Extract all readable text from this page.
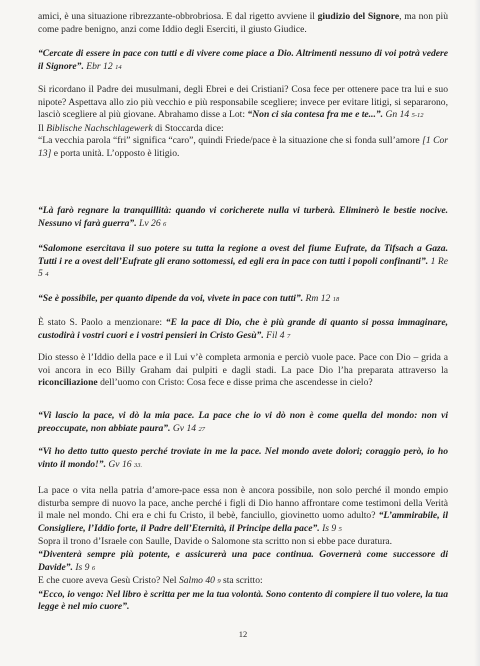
amici, è una situazione ribrezzante-obbrobriosa. E dal rigetto avviene il giudizio del Signore, ma non più come padre benigno, anzi come Iddio degli Eserciti, il giusto Giudice.
“Cercate di essere in pace con tutti e di vivere come piace a Dio. Altrimenti nessuno di voi potrà vedere il Signore”. Ebr 12 14
Si ricordano il Padre dei musulmani, degli Ebrei e dei Cristiani? Cosa fece per ottenere pace tra lui e suo nipote? Aspettava allo zio più vecchio e più responsabile scegliere; invece per evitare litigi, si separarono, lasciò scegliere al più giovane. Abrahamo disse a Lot: “Non ci sia contesa fra me e te...”. Gn 14 5-12
Il Biblische Nachschlagewerk di Stoccarda dice:
“La vecchia parola “fri” significa “caro”, quindi Friede/pace è la situazione che si fonda sull’amore [1 Cor 13] e porta unità. L’opposto è litigio.
“Là farò regnare la tranquillità: quando vi coricherete nulla vi turberà. Eliminerò le bestie nocive. Nessuno vi farà guerra”. Lv 26 6
“Salomone esercitava il suo potere su tutta la regione a ovest del fiume Eufrate, da Tifsach a Gaza. Tutti i re a ovest dell’Eufrate gli erano sottomessi, ed egli era in pace con tutti i popoli confinanti”. 1 Re 5 4
“Se è possibile, per quanto dipende da voi, vivete in pace con tutti”. Rm 12 18
È stato S. Paolo a menzionare: “E la pace di Dio, che è più grande di quanto si possa immaginare, custodirà i vostri cuori e i vostri pensieri in Cristo Gesù”. Fil 4 7
Dio stesso è l’Iddio della pace e il Lui v’è completa armonia e perciò vuole pace. Pace con Dio – grida a voi ancora in eco Billy Graham dai pulpiti e dagli stadi. La pace Dio l’ha preparata attraverso la riconciliazione dell’uomo con Cristo: Cosa fece e disse prima che ascendesse in cielo?
“Vi lascio la pace, vi dò la mia pace. La pace che io vi dò non è come quella del mondo: non vi preoccupate, non abbiate paura”. Gv 14 27
“Vi ho detto tutto questo perché troviate in me la pace. Nel mondo avete dolori; coraggio però, io ho vinto il mondo!”. Gv 16 33.
La pace o vita nella patria d’amore-pace essa non è ancora possibile, non solo perché il mondo empio disturba sempre di nuovo la pace, anche perché i figli di Dio hanno affrontare come testimoni della Verità il male nel mondo. Chi era e chi fu Cristo, il bebè, fanciullo, giovinetto uomo adulto? “L’ammirabile, il Consigliere, l’Iddio forte, il Padre dell’Eternità, il Principe della pace”. Is 9 5
Sopra il trono d’Israele con Saulle, Davide o Salomone sta scritto non si ebbe pace duratura.
“Diventerà sempre più potente, e assicurerà una pace continua. Governerà come successore di Davide”. Is 9 6
E che cuore aveva Gesù Cristo? Nel Salmo 40 9 sta scritto:
“Ecco, io vengo: Nel libro è scritta per me la tua volontà. Sono contento di compiere il tuo volere, la tua legge è nel mio cuore”.
12
